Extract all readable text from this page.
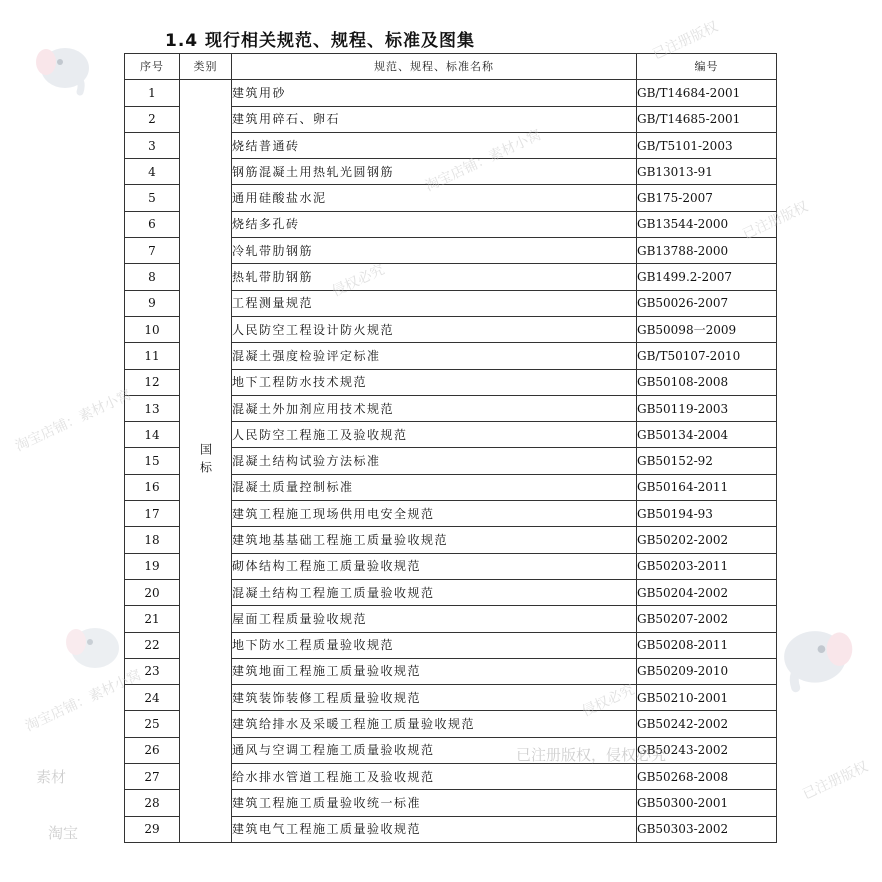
1.4 现行相关规范、规程、标准及图集
序号	类别	规范、规程、标准名称	编号
1	国标	建筑用砂	GB/T14684-2001
2		建筑用碎石、卵石	GB/T14685-2001
3		烧结普通砖	GB/T5101-2003
4		钢筋混凝土用热轧光圆钢筋	GB13013-91
5		通用硅酸盐水泥	GB175-2007
6		烧结多孔砖	GB13544-2000
7		冷轧带肋钢筋	GB13788-2000
8		热轧带肋钢筋	GB1499.2-2007
9		工程测量规范	GB50026-2007
10		人民防空工程设计防火规范	GB50098一2009
11		混凝土强度检验评定标准	GB/T50107-2010
12		地下工程防水技术规范	GB50108-2008
13		混凝土外加剂应用技术规范	GB50119-2003
14		人民防空工程施工及验收规范	GB50134-2004
15		混凝土结构试验方法标准	GB50152-92
16		混凝土质量控制标准	GB50164-2011
17		建筑工程施工现场供用电安全规范	GB50194-93
18		建筑地基基础工程施工质量验收规范	GB50202-2002
19		砌体结构工程施工质量验收规范	GB50203-2011
20		混凝土结构工程施工质量验收规范	GB50204-2002
21		屋面工程质量验收规范	GB50207-2002
22		地下防水工程质量验收规范	GB50208-2011
23		建筑地面工程施工质量验收规范	GB50209-2010
24		建筑装饰装修工程质量验收规范	GB50210-2001
25		建筑给排水及采暖工程施工质量验收规范	GB50242-2002
26		通风与空调工程施工质量验收规范	GB50243-2002
27		给水排水管道工程施工及验收规范	GB50268-2008
28		建筑工程施工质量验收统一标准	GB50300-2001
29		建筑电气工程施工质量验收规范	GB50303-2002
已注册版权，侵权必究
淘宝店铺：素材小窝
淘宝店铺：素材小窝
淘宝店铺：素材小窝
已注册版权
已注册版权
侵权必究
侵权必究
已注册版权
素材
淘宝
